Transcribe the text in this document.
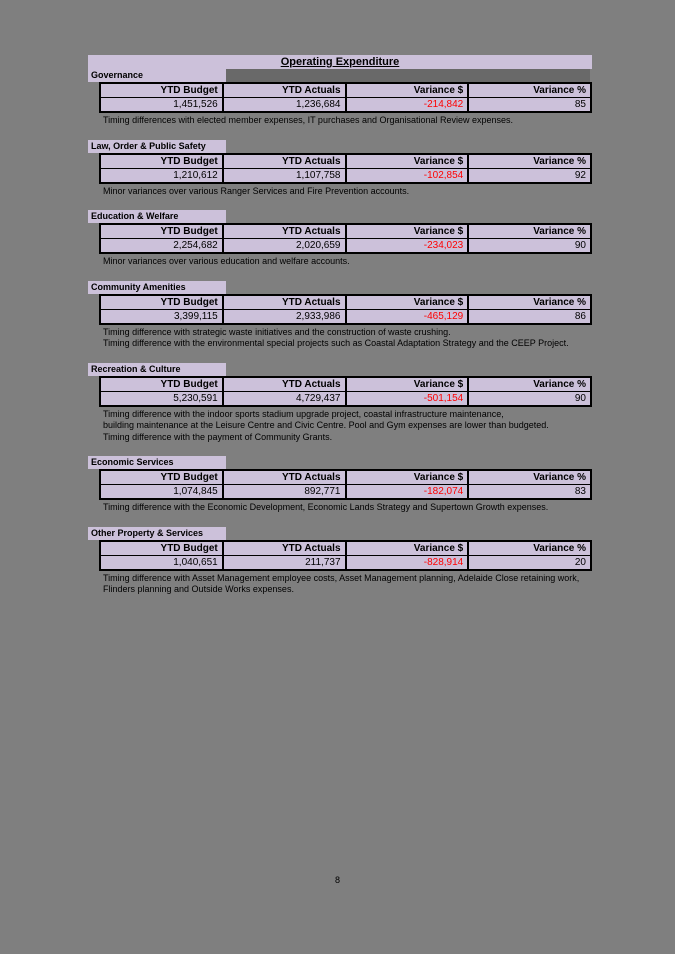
Operating Expenditure
Governance
YTD Budget	YTD Actuals	Variance $	Variance %
1,451,526	1,236,684	-214,842	85
Timing differences with elected member expenses, IT purchases and Organisational Review expenses.
Law, Order & Public Safety
YTD Budget	YTD Actuals	Variance $	Variance %
1,210,612	1,107,758	-102,854	92
Minor variances over various Ranger Services and Fire Prevention accounts.
Education & Welfare
YTD Budget	YTD Actuals	Variance $	Variance %
2,254,682	2,020,659	-234,023	90
Minor variances over various education and welfare accounts.
Community Amenities
YTD Budget	YTD Actuals	Variance $	Variance %
3,399,115	2,933,986	-465,129	86
Timing difference with strategic waste initiatives and the construction of waste crushing.
Timing difference with the environmental special projects such as Coastal Adaptation Strategy and the CEEP Project.
Recreation & Culture
YTD Budget	YTD Actuals	Variance $	Variance %
5,230,591	4,729,437	-501,154	90
Timing difference with the indoor sports stadium upgrade project, coastal infrastructure maintenance,
building maintenance at the Leisure Centre and Civic Centre. Pool and Gym expenses are lower than budgeted.
Timing difference with the payment of Community Grants.
Economic Services
YTD Budget	YTD Actuals	Variance $	Variance %
1,074,845	892,771	-182,074	83
Timing difference with the Economic Development, Economic Lands Strategy and Supertown Growth expenses.
Other Property & Services
YTD Budget	YTD Actuals	Variance $	Variance %
1,040,651	211,737	-828,914	20
Timing difference with Asset Management employee costs, Asset Management planning, Adelaide Close retaining work,
Flinders planning and Outside Works expenses.
8
